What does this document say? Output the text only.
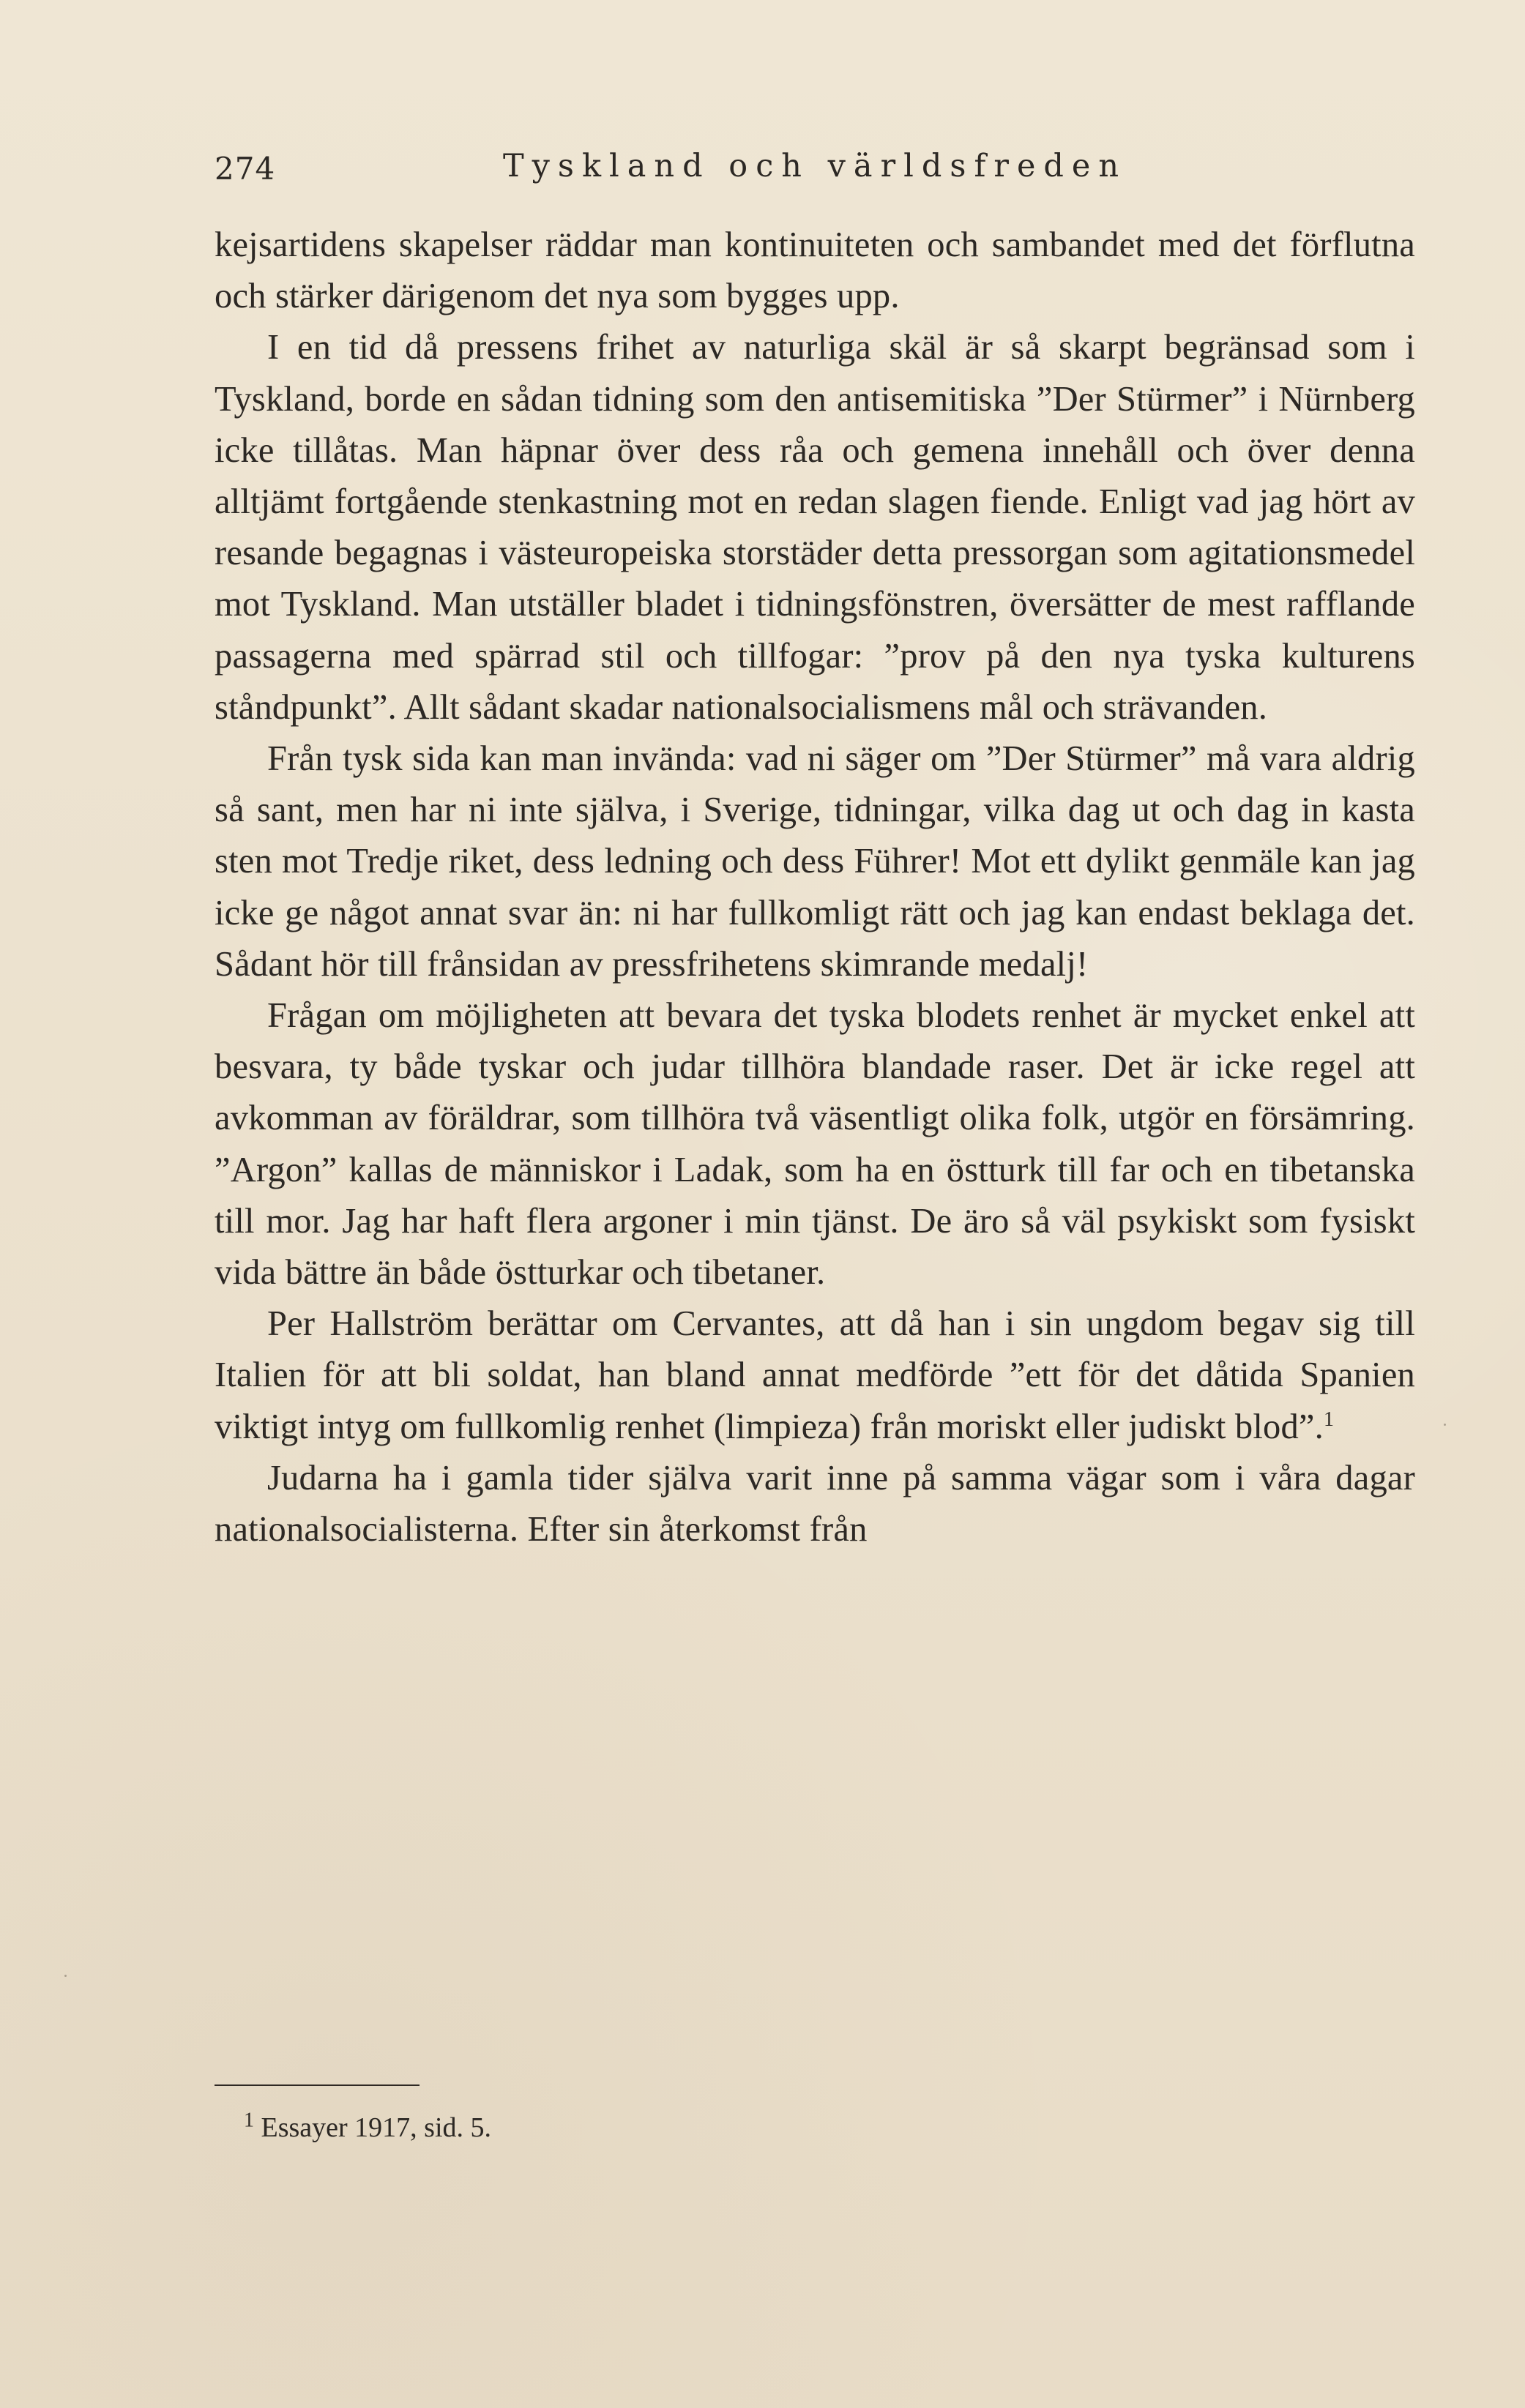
274	Tyskland och världsfreden

kejsartidens skapelser räddar man kontinuiteten och sambandet med det förflutna och stärker därigenom det nya som bygges upp.

I en tid då pressens frihet av naturliga skäl är så skarpt begränsad som i Tyskland, borde en sådan tidning som den antisemitiska ”Der Stürmer” i Nürnberg icke tillåtas. Man häpnar över dess råa och gemena innehåll och över denna alltjämt fortgående stenkastning mot en redan slagen fiende. Enligt vad jag hört av resande begagnas i västeuropeiska storstäder detta pressorgan som agitationsmedel mot Tyskland. Man utställer bladet i tidningsfönstren, översätter de mest rafflande passagerna med spärrad stil och tillfogar: ”prov på den nya tyska kulturens ståndpunkt”. Allt sådant skadar nationalsocialismens mål och strävanden.

Från tysk sida kan man invända: vad ni säger om ”Der Stürmer” må vara aldrig så sant, men har ni inte själva, i Sverige, tidningar, vilka dag ut och dag in kasta sten mot Tredje riket, dess ledning och dess Führer! Mot ett dylikt genmäle kan jag icke ge något annat svar än: ni har fullkomligt rätt och jag kan endast beklaga det. Sådant hör till frånsidan av pressfrihetens skimrande medalj!

Frågan om möjligheten att bevara det tyska blodets renhet är mycket enkel att besvara, ty både tyskar och judar tillhöra blandade raser. Det är icke regel att avkomman av föräldrar, som tillhöra två väsentligt olika folk, utgör en försämring. ”Argon” kallas de människor i Ladak, som ha en östturk till far och en tibetanska till mor. Jag har haft flera argoner i min tjänst. De äro så väl psykiskt som fysiskt vida bättre än både östturkar och tibetaner.

Per Hallström berättar om Cervantes, att då han i sin ungdom begav sig till Italien för att bli soldat, han bland annat medförde ”ett för det dåtida Spanien viktigt intyg om fullkomlig renhet (limpieza) från moriskt eller judiskt blod”.$^1$

Judarna ha i gamla tider själva varit inne på samma vägar som i våra dagar nationalsocialisterna. Efter sin återkomst från

$^1$ Essayer 1917, sid. 5.
